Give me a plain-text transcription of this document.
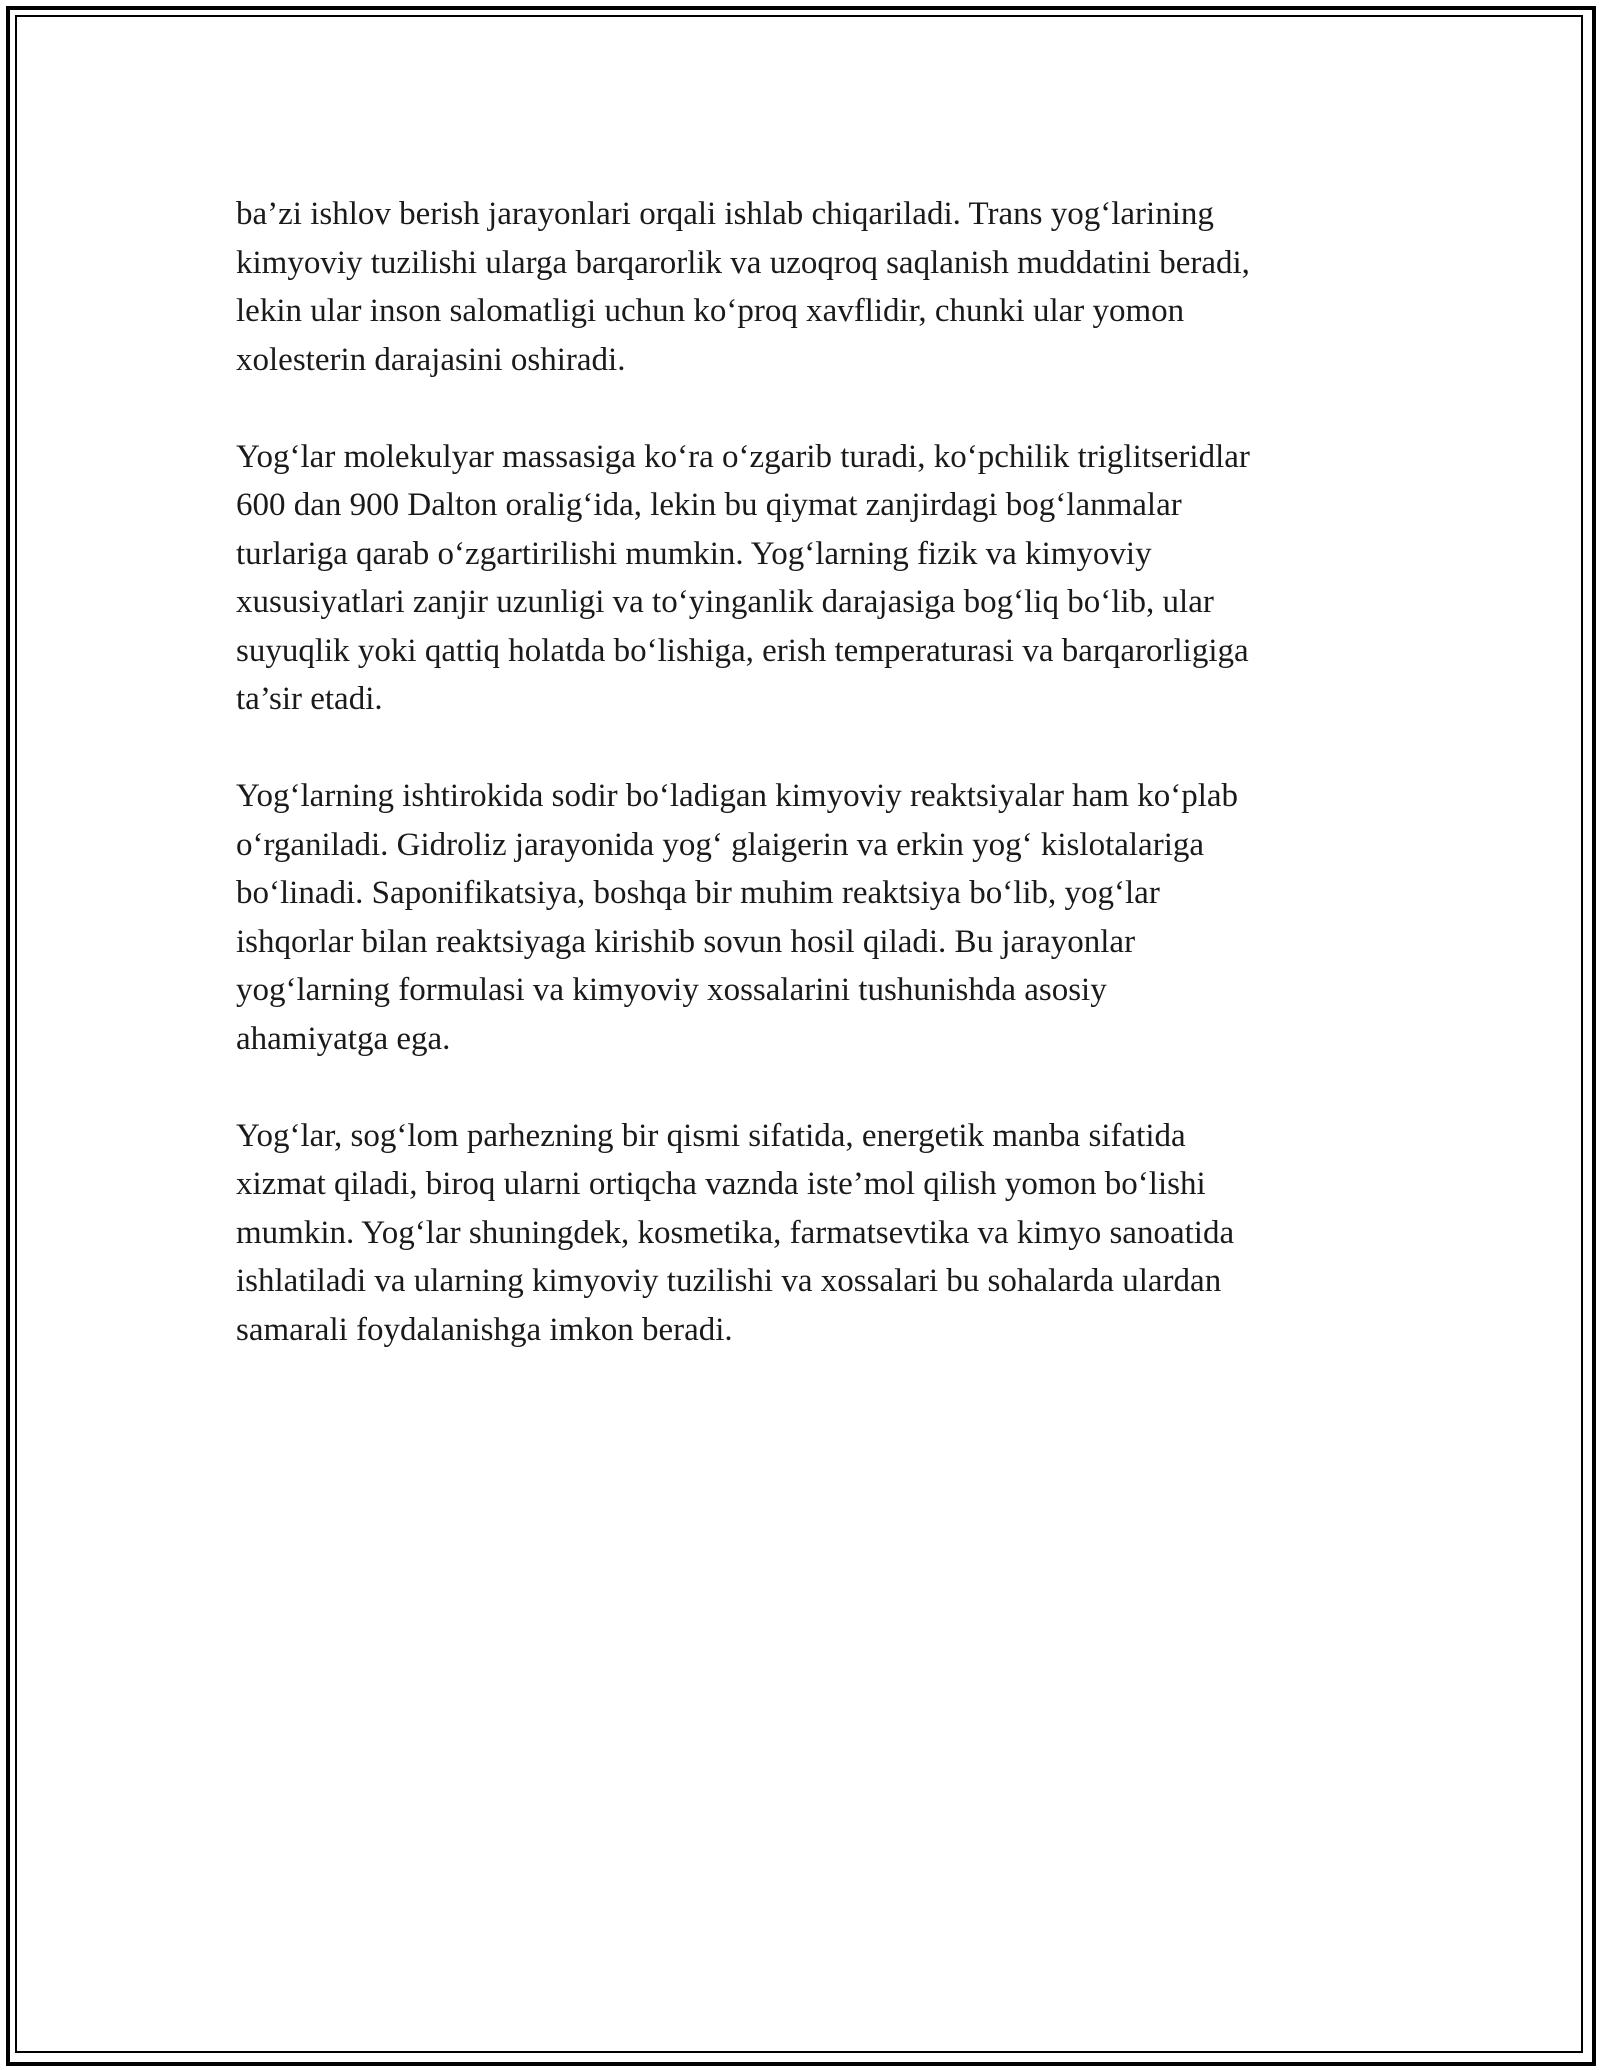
ba’zi ishlov berish jarayonlari orqali ishlab chiqariladi. Trans yog‘larining
kimyoviy tuzilishi ularga barqarorlik va uzoqroq saqlanish muddatini beradi,
lekin ular inson salomatligi uchun ko‘proq xavflidir, chunki ular yomon
xolesterin darajasini oshiradi.

Yog‘lar molekulyar massasiga ko‘ra o‘zgarib turadi, ko‘pchilik triglitseridlar
600 dan 900 Dalton oralig‘ida, lekin bu qiymat zanjirdagi bog‘lanmalar
turlariga qarab o‘zgartirilishi mumkin. Yog‘larning fizik va kimyoviy
xususiyatlari zanjir uzunligi va to‘yinganlik darajasiga bog‘liq bo‘lib, ular
suyuqlik yoki qattiq holatda bo‘lishiga, erish temperaturasi va barqarorligiga
ta’sir etadi.

Yog‘larning ishtirokida sodir bo‘ladigan kimyoviy reaktsiyalar ham ko‘plab
o‘rganiladi. Gidroliz jarayonida yog‘ glaigerin va erkin yog‘ kislotalariga
bo‘linadi. Saponifikatsiya, boshqa bir muhim reaktsiya bo‘lib, yog‘lar
ishqorlar bilan reaktsiyaga kirishib sovun hosil qiladi. Bu jarayonlar
yog‘larning formulasi va kimyoviy xossalarini tushunishda asosiy
ahamiyatga ega.

Yog‘lar, sog‘lom parhezning bir qismi sifatida, energetik manba sifatida
xizmat qiladi, biroq ularni ortiqcha vaznda iste’mol qilish yomon bo‘lishi
mumkin. Yog‘lar shuningdek, kosmetika, farmatsevtika va kimyo sanoatida
ishlatiladi va ularning kimyoviy tuzilishi va xossalari bu sohalarda ulardan
samarali foydalanishga imkon beradi.
